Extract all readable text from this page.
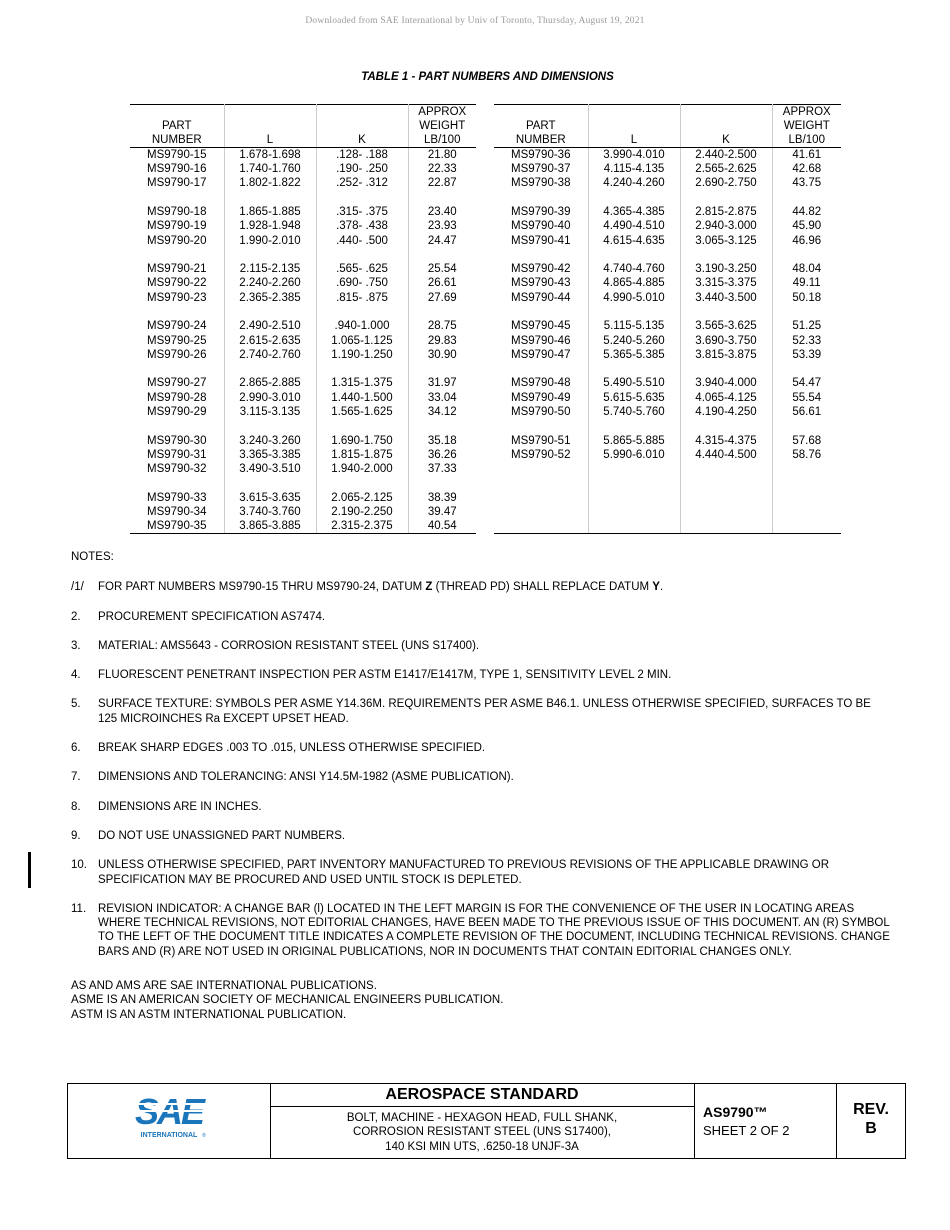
Downloaded from SAE International by Univ of Toronto, Thursday, August 19, 2021
TABLE 1 - PART NUMBERS AND DIMENSIONS

PART
NUMBER	L	K	APPROX
WEIGHT
LB/100
MS9790-15	1.678-1.698	.128- .188	21.80
MS9790-16	1.740-1.760	.190- .250	22.33
MS9790-17	1.802-1.822	.252- .312	22.87

MS9790-18	1.865-1.885	.315- .375	23.40
MS9790-19	1.928-1.948	.378- .438	23.93
MS9790-20	1.990-2.010	.440- .500	24.47

MS9790-21	2.115-2.135	.565- .625	25.54
MS9790-22	2.240-2.260	.690- .750	26.61
MS9790-23	2.365-2.385	.815- .875	27.69

MS9790-24	2.490-2.510	.940-1.000	28.75
MS9790-25	2.615-2.635	1.065-1.125	29.83
MS9790-26	2.740-2.760	1.190-1.250	30.90

MS9790-27	2.865-2.885	1.315-1.375	31.97
MS9790-28	2.990-3.010	1.440-1.500	33.04
MS9790-29	3.115-3.135	1.565-1.625	34.12

MS9790-30	3.240-3.260	1.690-1.750	35.18
MS9790-31	3.365-3.385	1.815-1.875	36.26
MS9790-32	3.490-3.510	1.940-2.000	37.33

MS9790-33	3.615-3.635	2.065-2.125	38.39
MS9790-34	3.740-3.760	2.190-2.250	39.47
MS9790-35	3.865-3.885	2.315-2.375	40.54

PART
NUMBER	L	K	APPROX
WEIGHT
LB/100
MS9790-36	3.990-4.010	2.440-2.500	41.61
MS9790-37	4.115-4.135	2.565-2.625	42.68
MS9790-38	4.240-4.260	2.690-2.750	43.75

MS9790-39	4.365-4.385	2.815-2.875	44.82
MS9790-40	4.490-4.510	2.940-3.000	45.90
MS9790-41	4.615-4.635	3.065-3.125	46.96

MS9790-42	4.740-4.760	3.190-3.250	48.04
MS9790-43	4.865-4.885	3.315-3.375	49.11
MS9790-44	4.990-5.010	3.440-3.500	50.18

MS9790-45	5.115-5.135	3.565-3.625	51.25
MS9790-46	5.240-5.260	3.690-3.750	52.33
MS9790-47	5.365-5.385	3.815-3.875	53.39

MS9790-48	5.490-5.510	3.940-4.000	54.47
MS9790-49	5.615-5.635	4.065-4.125	55.54
MS9790-50	5.740-5.760	4.190-4.250	56.61

MS9790-51	5.865-5.885	4.315-4.375	57.68
MS9790-52	5.990-6.010	4.440-4.500	58.76

NOTES:
/1/	FOR PART NUMBERS MS9790-15 THRU MS9790-24, DATUM Z (THREAD PD) SHALL REPLACE DATUM Y.
2.	PROCUREMENT SPECIFICATION AS7474.
3.	MATERIAL: AMS5643 - CORROSION RESISTANT STEEL (UNS S17400).
4.	FLUORESCENT PENETRANT INSPECTION PER ASTM E1417/E1417M, TYPE 1, SENSITIVITY LEVEL 2 MIN.
5.	SURFACE TEXTURE: SYMBOLS PER ASME Y14.36M. REQUIREMENTS PER ASME B46.1. UNLESS OTHERWISE SPECIFIED, SURFACES TO BE 125 MICROINCHES Ra EXCEPT UPSET HEAD.
6.	BREAK SHARP EDGES .003 TO .015, UNLESS OTHERWISE SPECIFIED.
7.	DIMENSIONS AND TOLERANCING: ANSI Y14.5M-1982 (ASME PUBLICATION).
8.	DIMENSIONS ARE IN INCHES.
9.	DO NOT USE UNASSIGNED PART NUMBERS.
10. UNLESS OTHERWISE SPECIFIED, PART INVENTORY MANUFACTURED TO PREVIOUS REVISIONS OF THE APPLICABLE DRAWING OR SPECIFICATION MAY BE PROCURED AND USED UNTIL STOCK IS DEPLETED.
11.	REVISION INDICATOR: A CHANGE BAR (l) LOCATED IN THE LEFT MARGIN IS FOR THE CONVENIENCE OF THE USER IN LOCATING AREAS WHERE TECHNICAL REVISIONS, NOT EDITORIAL CHANGES, HAVE BEEN MADE TO THE PREVIOUS ISSUE OF THIS DOCUMENT. AN (R) SYMBOL TO THE LEFT OF THE DOCUMENT TITLE INDICATES A COMPLETE REVISION OF THE DOCUMENT, INCLUDING TECHNICAL REVISIONS. CHANGE BARS AND (R) ARE NOT USED IN ORIGINAL PUBLICATIONS, NOR IN DOCUMENTS THAT CONTAIN EDITORIAL CHANGES ONLY.
AS AND AMS ARE SAE INTERNATIONAL PUBLICATIONS.
ASME IS AN AMERICAN SOCIETY OF MECHANICAL ENGINEERS PUBLICATION.
ASTM IS AN ASTM INTERNATIONAL PUBLICATION.
SAE
INTERNATIONAL ®
AEROSPACE STANDARD
BOLT, MACHINE - HEXAGON HEAD, FULL SHANK,
CORROSION RESISTANT STEEL (UNS S17400),
140 KSI MIN UTS, .6250-18 UNJF-3A
AS9790™
SHEET 2 OF 2
REV.
B
